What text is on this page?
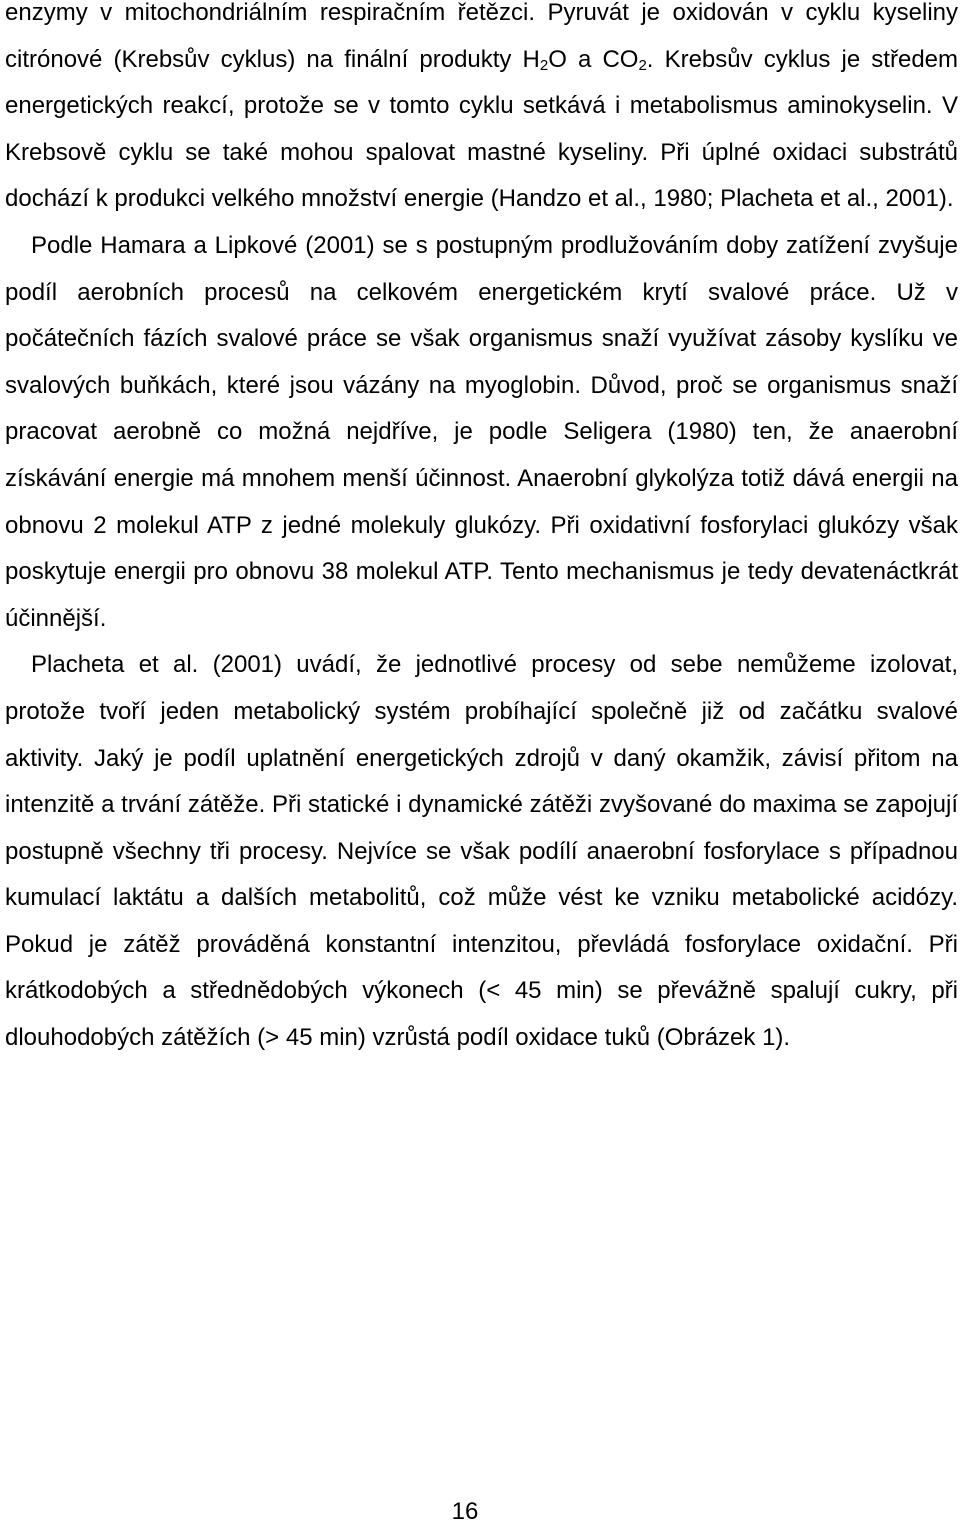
enzymy v mitochondriálním respiračním řetězci. Pyruvát je oxidován v cyklu kyseliny citrónové (Krebsův cyklus) na finální produkty $H_2O$ a $CO_2$. Krebsův cyklus je středem energetických reakcí, protože se v tomto cyklu setkává i metabolismus aminokyselin. V Krebsově cyklu se také mohou spalovat mastné kyseliny. Při úplné oxidaci substrátů dochází k produkci velkého množství energie (Handzo et al., 1980; Placheta et al., 2001).

Podle Hamara a Lipkové (2001) se s postupným prodlužováním doby zatížení zvyšuje podíl aerobních procesů na celkovém energetickém krytí svalové práce. Už v počátečních fázích svalové práce se však organismus snaží využívat zásoby kyslíku ve svalových buňkách, které jsou vázány na myoglobin. Důvod, proč se organismus snaží pracovat aerobně co možná nejdříve, je podle Seligera (1980) ten, že anaerobní získávání energie má mnohem menší účinnost. Anaerobní glykolýza totiž dává energii na obnovu 2 molekul ATP z jedné molekuly glukózy. Při oxidativní fosforylaci glukózy však poskytuje energii pro obnovu 38 molekul ATP. Tento mechanismus je tedy devatenáctkrát účinnější.

Placheta et al. (2001) uvádí, že jednotlivé procesy od sebe nemůžeme izolovat, protože tvoří jeden metabolický systém probíhající společně již od začátku svalové aktivity. Jaký je podíl uplatnění energetických zdrojů v daný okamžik, závisí přitom na intenzitě a trvání zátěže. Při statické i dynamické zátěži zvyšované do maxima se zapojují postupně všechny tři procesy. Nejvíce se však podílí anaerobní fosforylace s případnou kumulací laktátu a dalších metabolitů, což může vést ke vzniku metabolické acidózy. Pokud je zátěž prováděná konstantní intenzitou, převládá fosforylace oxidační. Při krátkodobých a střednědobých výkonech (< 45 min) se převážně spalují cukry, při dlouhodobých zátěžích (> 45 min) vzrůstá podíl oxidace tuků (Obrázek 1).

16
